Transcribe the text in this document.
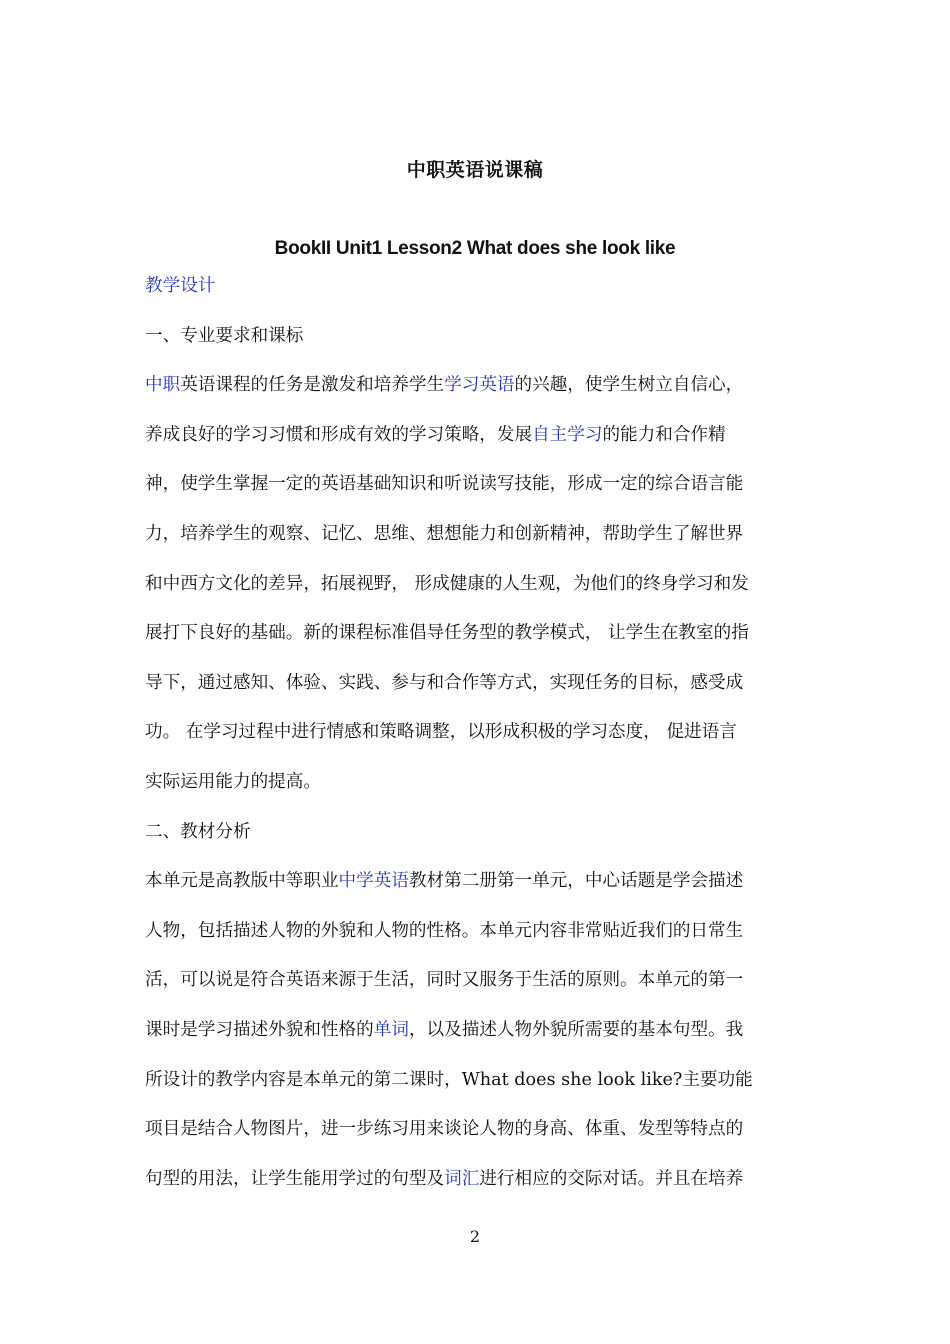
中职英语说课稿
BookII Unit1 Lesson2 What does she look like
教学设计
一、专业要求和课标
中职英语课程的任务是激发和培养学生学习英语的兴趣，使学生树立自信心，
养成良好的学习习惯和形成有效的学习策略，发展自主学习的能力和合作精
神，使学生掌握一定的英语基础知识和听说读写技能，形成一定的综合语言能
力，培养学生的观察、记忆、思维、想想能力和创新精神，帮助学生了解世界
和中西方文化的差异，拓展视野， 形成健康的人生观，为他们的终身学习和发
展打下良好的基础。新的课程标准倡导任务型的教学模式， 让学生在教室的指
导下，通过感知、体验、实践、参与和合作等方式，实现任务的目标，感受成
功。 在学习过程中进行情感和策略调整，以形成积极的学习态度， 促进语言
实际运用能力的提高。
二、教材分析
本单元是高教版中等职业中学英语教材第二册第一单元，中心话题是学会描述
人物，包括描述人物的外貌和人物的性格。本单元内容非常贴近我们的日常生
活，可以说是符合英语来源于生活，同时又服务于生活的原则。本单元的第一
课时是学习描述外貌和性格的单词，以及描述人物外貌所需要的基本句型。我
所设计的教学内容是本单元的第二课时，What does she look like?主要功能
项目是结合人物图片，进一步练习用来谈论人物的身高、体重、发型等特点的
句型的用法，让学生能用学过的句型及词汇进行相应的交际对话。并且在培养
2
